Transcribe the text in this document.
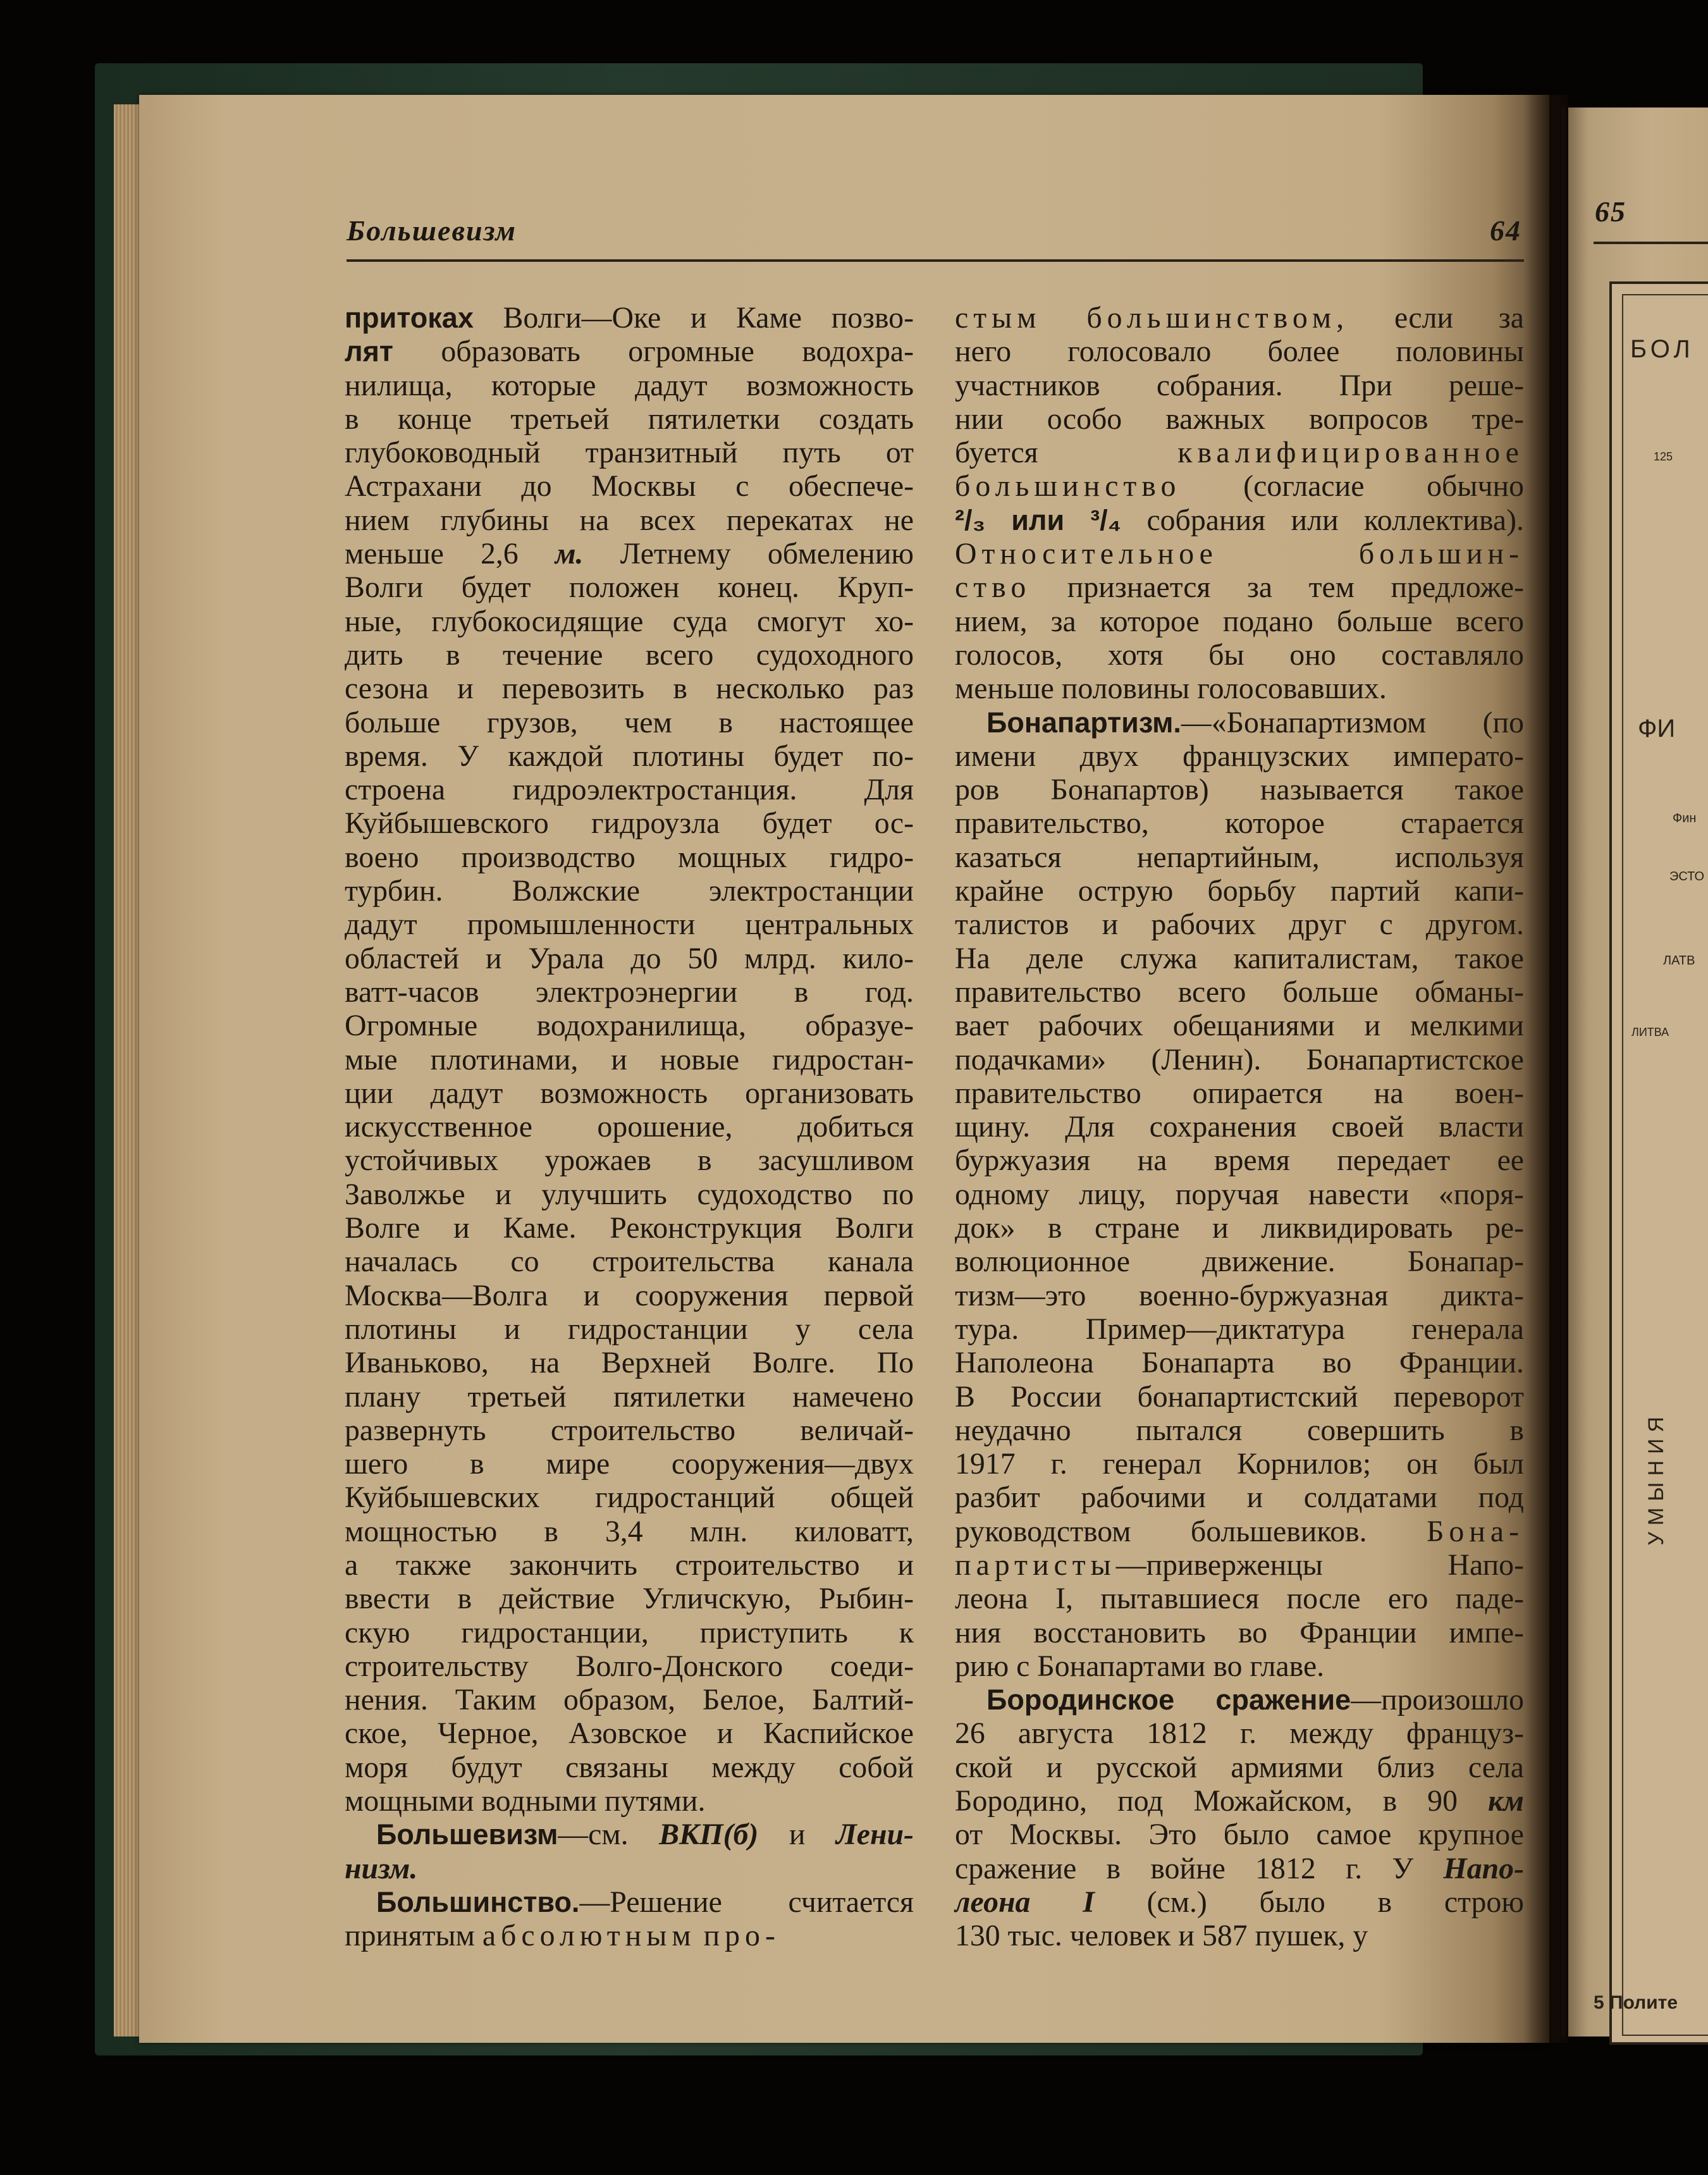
Большевизм	64
притоках Волги—Оке и Каме позво-
лят образовать огромные водохра-
нилища, которые дадут возможность
в конце третьей пятилетки создать
глубоководный транзитный путь от
Астрахани до Москвы с обеспече-
нием глубины на всех перекатах не
меньше 2,6 м. Летнему обмелению
Волги будет положен конец. Круп-
ные, глубокосидящие суда смогут хо-
дить в течение всего судоходного
сезона и перевозить в несколько раз
больше грузов, чем в настоящее
время. У каждой плотины будет по-
строена гидроэлектростанция. Для
Куйбышевского гидроузла будет ос-
воено производство мощных гидро-
турбин. Волжские электростанции
дадут промышленности центральных
областей и Урала до 50 млрд. кило-
ватт-часов электроэнергии в год.
Огромные водохранилища, образуе-
мые плотинами, и новые гидростан-
ции дадут возможность организовать
искусственное орошение, добиться
устойчивых урожаев в засушливом
Заволжье и улучшить судоходство по
Волге и Каме. Реконструкция Волги
началась со строительства канала
Москва—Волга и сооружения первой
плотины и гидростанции у села
Иваньково, на Верхней Волге. По
плану третьей пятилетки намечено
развернуть строительство величай-
шего в мире сооружения—двух
Куйбышевских гидростанций общей
мощностью в 3,4 млн. киловатт,
а также закончить строительство и
ввести в действие Угличскую, Рыбин-
скую гидростанции, приступить к
строительству Волго-Донского соеди-
нения. Таким образом, Белое, Балтий-
ское, Черное, Азовское и Каспийское
моря будут связаны между собой
мощными водными путями.
Большевизм—см. ВКП(б) и Лени-
низм.
Большинство.—Решение считается
принятым абсолютным про-
стым большинством, если за
него голосовало более половины
участников собрания. При реше-
нии особо важных вопросов тре-
буется квалифицированное
большинство (согласие обычно
²/₃ или ³/₄ собрания или коллектива).
Относительное	большин-
ство признается за тем предложе-
нием, за которое подано больше всего
голосов, хотя бы оно составляло
меньше половины голосовавших.
Бонапартизм.—«Бонапартизмом (по
имени двух французских императо-
ров Бонапартов) называется такое
правительство, которое старается
казаться непартийным, используя
крайне острую борьбу партий капи-
талистов и рабочих друг с другом.
На деле служа капиталистам, такое
правительство всего больше обманы-
вает рабочих обещаниями и мелкими
подачками» (Ленин). Бонапартистское
правительство опирается на воен-
щину. Для сохранения своей власти
буржуазия на время передает ее
одному лицу, поручая навести «поря-
док» в стране и ликвидировать ре-
волюционное движение. Бонапар-
тизм—это военно-буржуазная дикта-
тура. Пример—диктатура генерала
Наполеона Бонапарта во Франции.
В России бонапартистский переворот
неудачно пытался совершить в
1917 г. генерал Корнилов; он был
разбит рабочими и солдатами под
руководством большевиков. Бона-
партисты—приверженцы Напо-
леона I, пытавшиеся после его паде-
ния восстановить во Франции импе-
рию с Бонапартами во главе.
Бородинское сражение—произошло
26 августа 1812 г. между француз-
ской и русской армиями близ села
Бородино, под Можайском, в 90 км
от Москвы. Это было самое крупное
сражение в войне 1812 г. У Напо-
леона I (см.) было в строю
130 тыс. человек и 587 пушек, у
65
БОЛ
125
ФИ
Фин
ЭСТО
ЛАТВ
ЛИТВА
УМЫНИЯ
5 Полите
